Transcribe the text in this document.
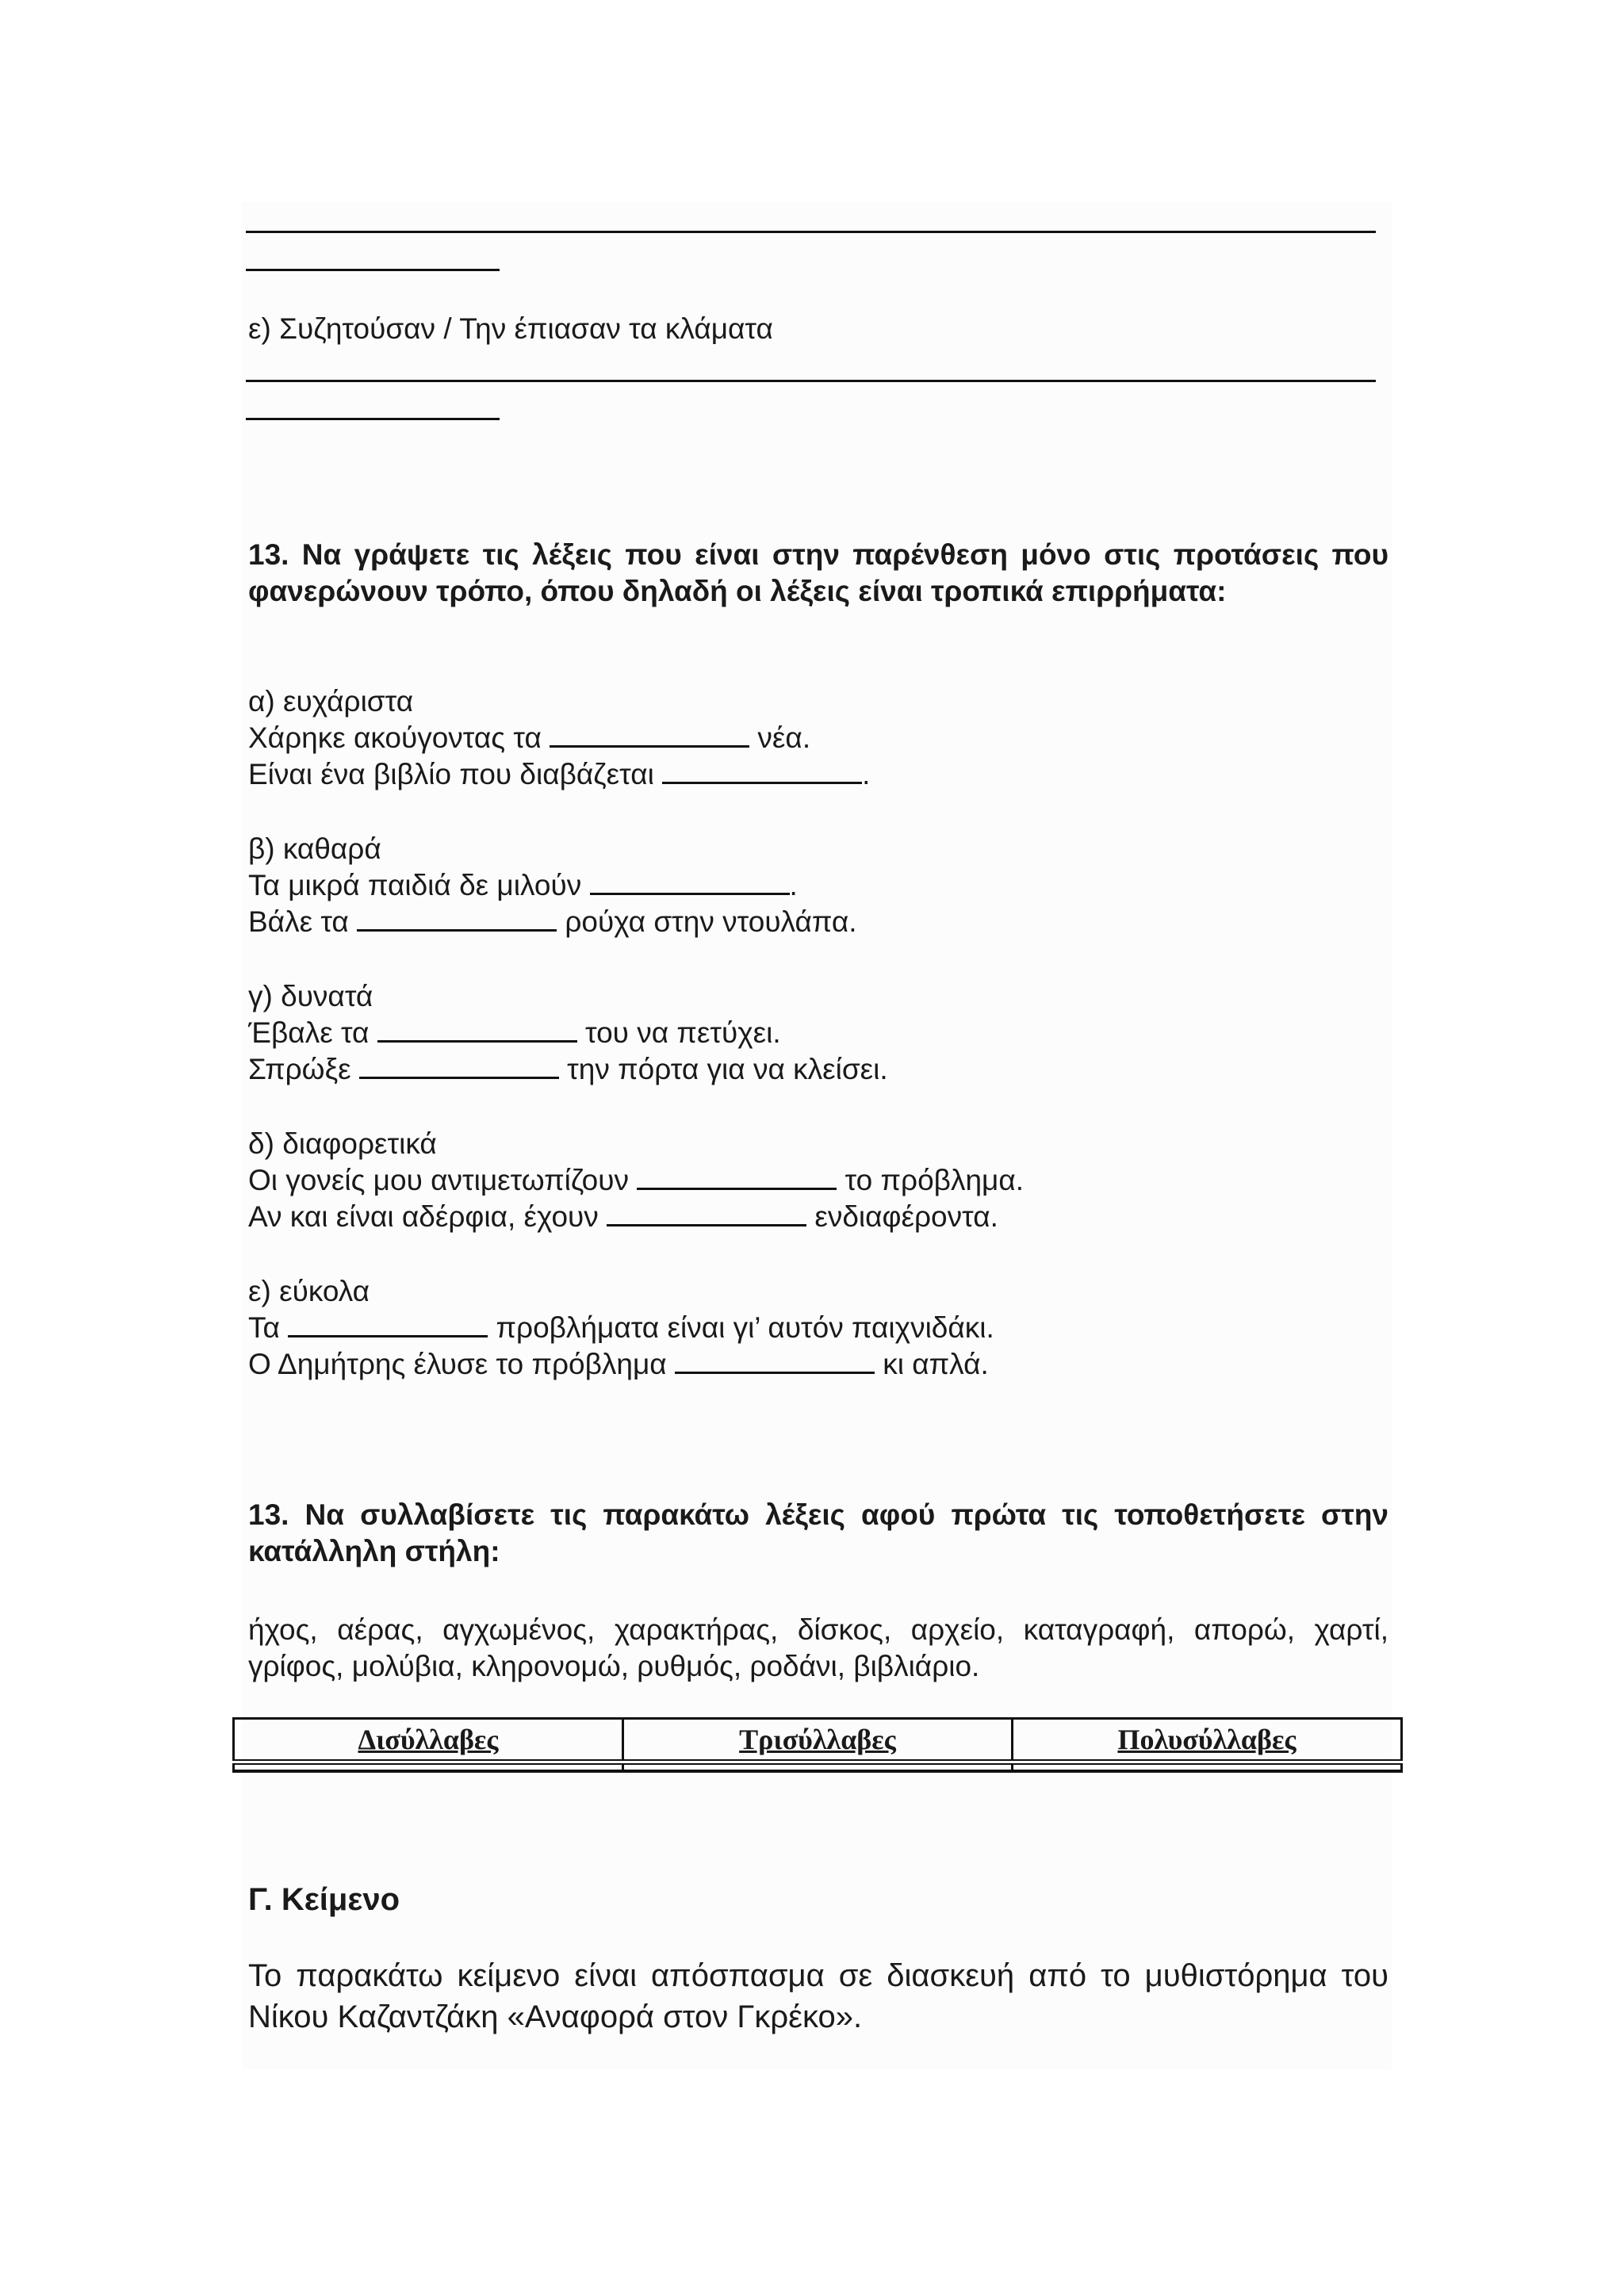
ε) Συζητούσαν / Την έπιασαν τα κλάματα
13. Να γράψετε τις λέξεις που είναι στην παρένθεση μόνο στις προτάσεις που φανερώνουν τρόπο, όπου δηλαδή οι λέξεις είναι τροπικά επιρρήματα:
α) ευχάριστα
Χάρηκε ακούγοντας τα	νέα.
Είναι ένα βιβλίο που διαβάζεται	.
β) καθαρά
Τα μικρά παιδιά δε μιλούν	.
Βάλε τα	ρούχα στην ντουλάπα.
γ) δυνατά
Έβαλε τα	του να πετύχει.
Σπρώξε	την πόρτα για να κλείσει.
δ) διαφορετικά
Οι γονείς μου αντιμετωπίζουν	το πρόβλημα.
Αν και είναι αδέρφια, έχουν	ενδιαφέροντα.
ε) εύκολα
Τα	προβλήματα είναι γι’ αυτόν παιχνιδάκι.
Ο Δημήτρης έλυσε το πρόβλημα	κι απλά.
13. Να συλλαβίσετε τις παρακάτω λέξεις αφού πρώτα τις τοποθετήσετε στην κατάλληλη στήλη:
ήχος, αέρας, αγχωμένος, χαρακτήρας, δίσκος, αρχείο, καταγραφή, απορώ, χαρτί, γρίφος, μολύβια, κληρονομώ, ρυθμός, ροδάνι, βιβλιάριο.
Δισύλλαβες	Τρισύλλαβες	Πολυσύλλαβες

Γ. Κείμενο
Το παρακάτω κείμενο είναι απόσπασμα σε διασκευή από το μυθιστόρημα του Νίκου Καζαντζάκη «Αναφορά στον Γκρέκο».
